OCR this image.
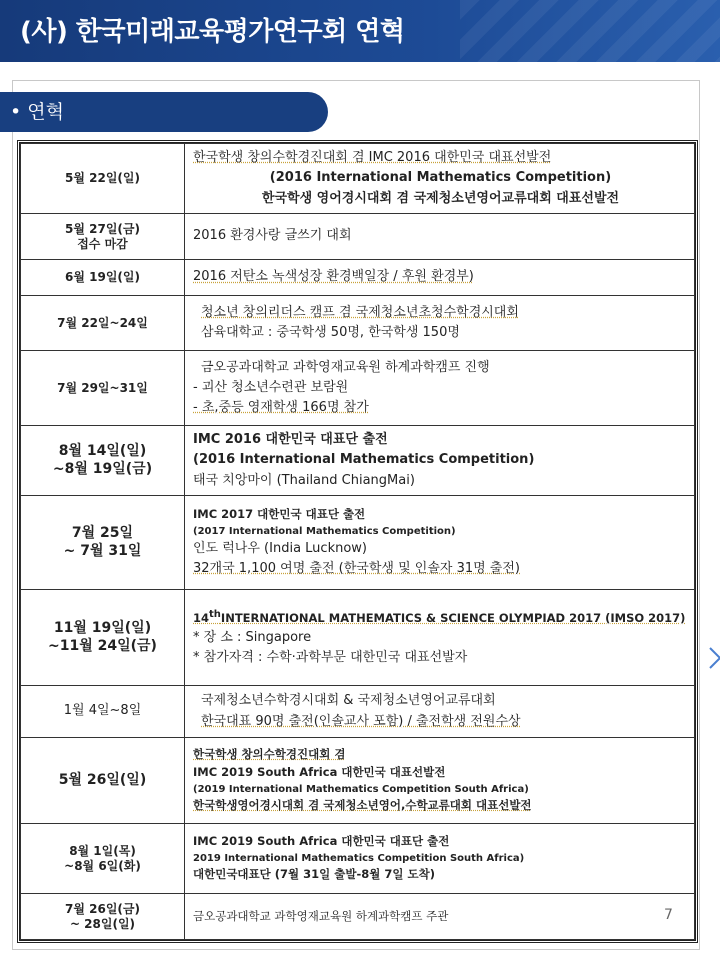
(사) 한국미래교육평가연구회 연혁
• 연혁
5월 22일(일)	한국학생 창의수학경진대회 겸 IMC 2016 대한민국 대표선발전
(2016 International Mathematics Competition)
한국학생 영어경시대회 겸 국제청소년영어교류대회 대표선발전

5월 27일(금)
접수 마감	2016 환경사랑 글쓰기 대회

6월 19일(일)	2016 저탄소 녹색성장 환경백일장 / 후원 환경부)

7월 22일~24일	청소년 창의리더스 캠프 겸 국제청소년초청수학경시대회
삼육대학교 : 중국학생 50명, 한국학생 150명

7월 29일~31일	금오공과대학교 과학영재교육원 하계과학캠프 진행
- 괴산 청소년수련관 보람원
- 초,중등 영재학생 166명 참가

8월 14일(일)
~8월 19일(금)	IMC 2016 대한민국 대표단 출전
(2016 International Mathematics Competition)
태국 치앙마이 (Thailand ChiangMai)

7월 25일
~ 7월 31일	IMC 2017 대한민국 대표단 출전
(2017 International Mathematics Competition)
인도 럭나우 (India Lucknow)
32개국 1,100 여명 출전 (한국학생 및 인솔자 31명 출전)

11월 19일(일)
~11월 24일(금)	14thINTERNATIONAL MATHEMATICS & SCIENCE OLYMPIAD 2017 (IMSO 2017)
* 장 소 : Singapore
* 참가자격 : 수학·과학부문 대한민국 대표선발자

1월 4일~8일	국제청소년수학경시대회 & 국제청소년영어교류대회
한국대표 90명 출전(인솔교사 포함) / 출전학생 전원수상

5월 26일(일)	한국학생 창의수학경진대회 겸
IMC 2019 South Africa 대한민국 대표선발전
(2019 International Mathematics Competition South Africa)
한국학생영어경시대회 겸 국제청소년영어,수학교류대회 대표선발전

8월 1일(목)
~8월 6일(화)	IMC 2019 South Africa 대한민국 대표단 출전
2019 International Mathematics Competition South Africa)
대한민국대표단 (7월 31일 출발-8월 7일 도착)

7월 26일(금)
~ 28일(일)	금오공과대학교 과학영재교육원 하계과학캠프 주관	7
